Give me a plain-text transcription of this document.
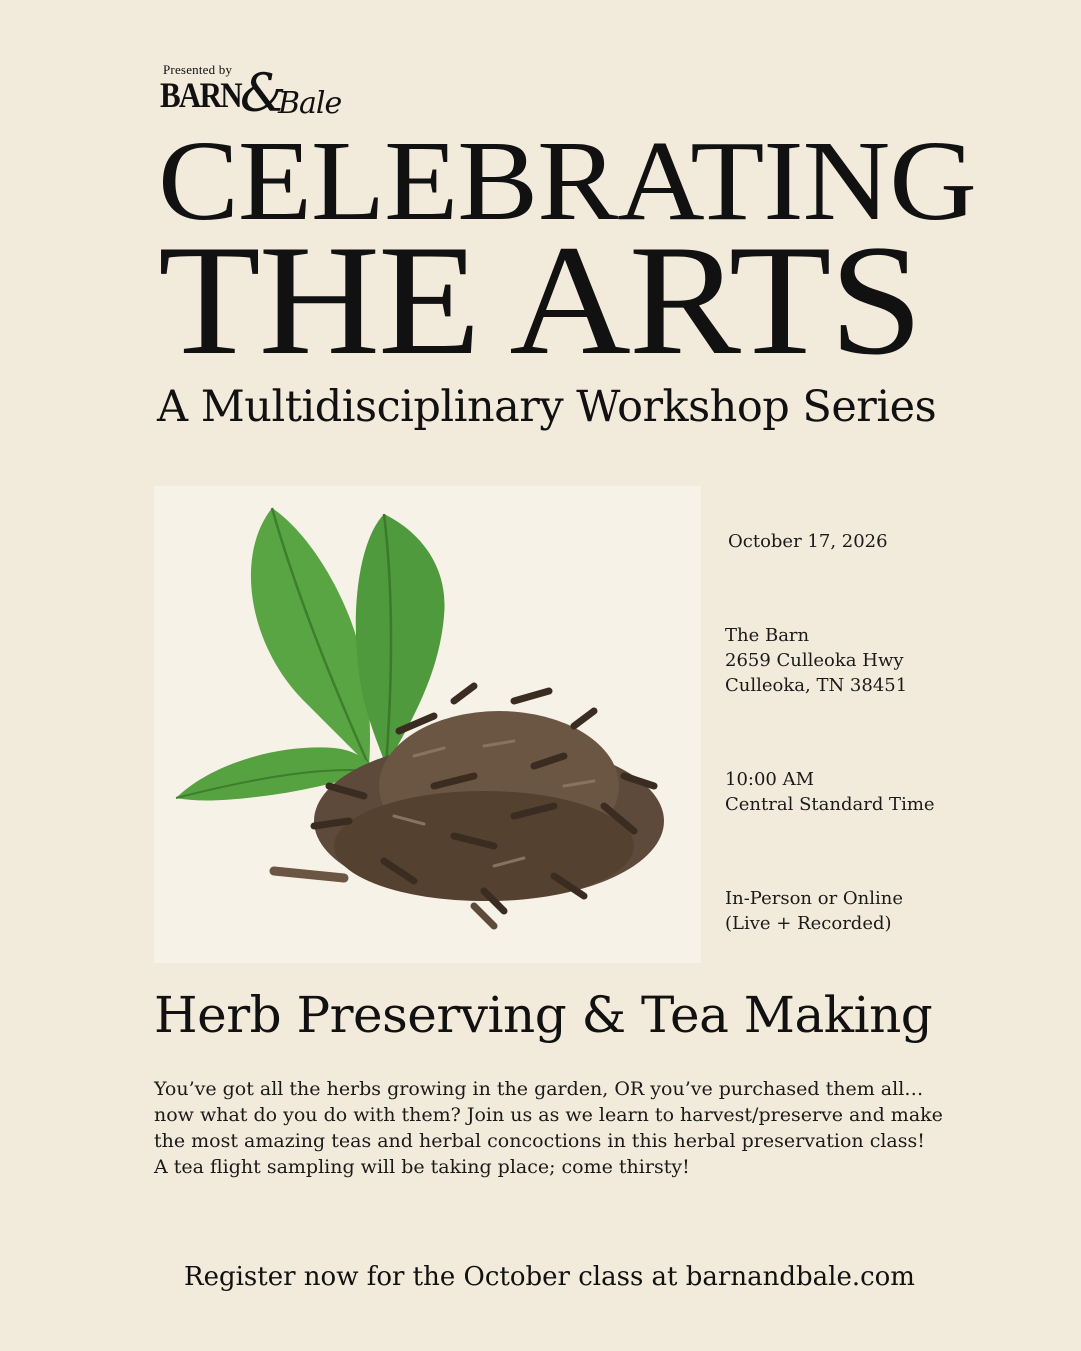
Presented by
BARN &
Bale
CELEBRATING
THE ARTS
A Multidisciplinary Workshop Series
October 17, 2026
The Barn
2659 Culleoka Hwy
Culleoka, TN 38451
10:00 AM
Central Standard Time
In-Person or Online
(Live + Recorded)
Herb Preserving & Tea Making
You’ve got all the herbs growing in the garden, OR you’ve purchased them all…
now what do you do with them? Join us as we learn to harvest/preserve and make
the most amazing teas and herbal concoctions in this herbal preservation class!
A tea flight sampling will be taking place; come thirsty!
Register now for the October class at barnandbale.com
